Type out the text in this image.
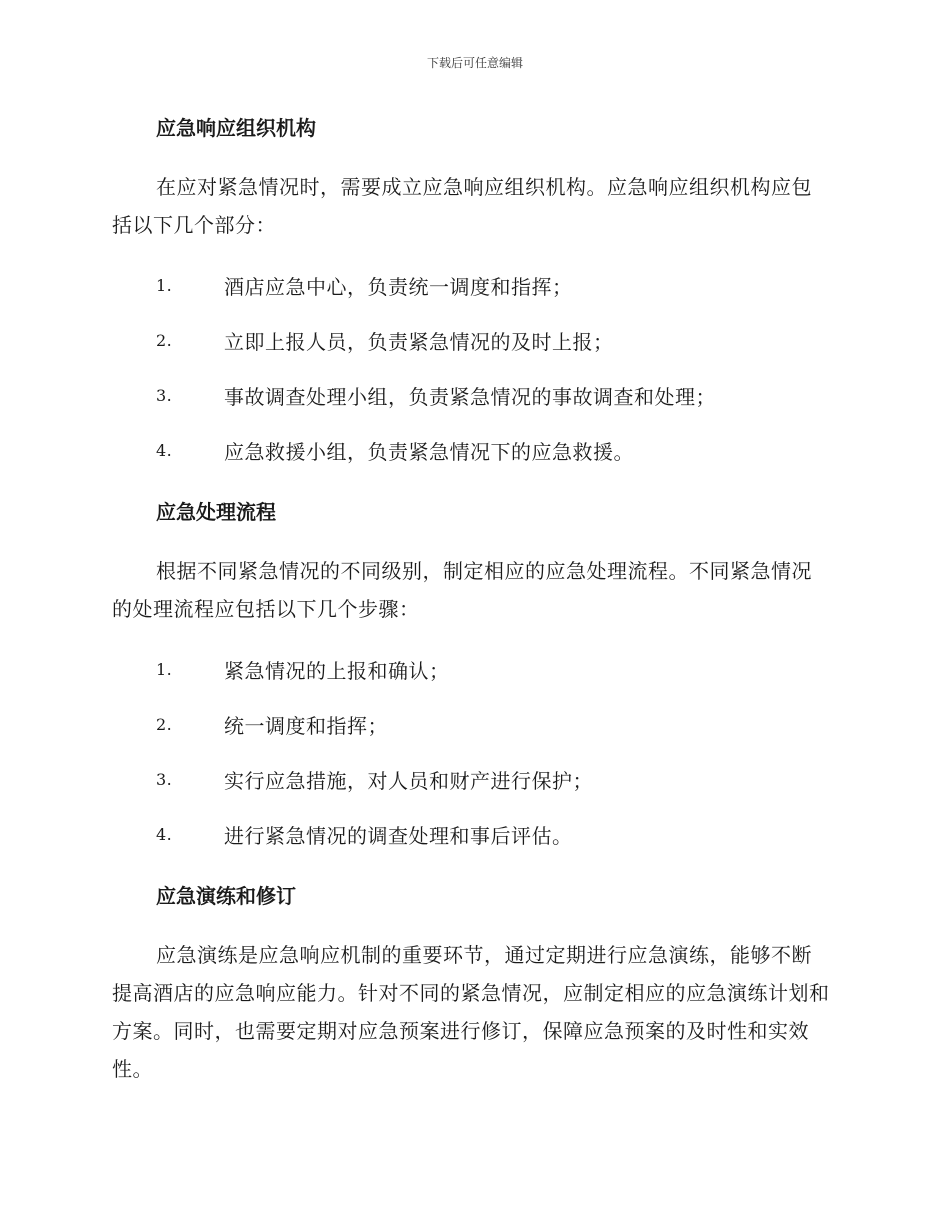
下载后可任意编辑
应急响应组织机构

在应对紧急情况时，需要成立应急响应组织机构。应急响应组织机构应包括以下几个部分：

1.	酒店应急中心，负责统一调度和指挥；
2.	立即上报人员，负责紧急情况的及时上报；
3.	事故调查处理小组，负责紧急情况的事故调查和处理；
4.	应急救援小组，负责紧急情况下的应急救援。
应急处理流程

根据不同紧急情况的不同级别，制定相应的应急处理流程。不同紧急情况的处理流程应包括以下几个步骤：

1.	紧急情况的上报和确认；
2.	统一调度和指挥；
3.	实行应急措施，对人员和财产进行保护；
4.	进行紧急情况的调查处理和事后评估。
应急演练和修订

应急演练是应急响应机制的重要环节，通过定期进行应急演练，能够不断提高酒店的应急响应能力。针对不同的紧急情况，应制定相应的应急演练计划和方案。同时，也需要定期对应急预案进行修订，保障应急预案的及时性和实效性。
